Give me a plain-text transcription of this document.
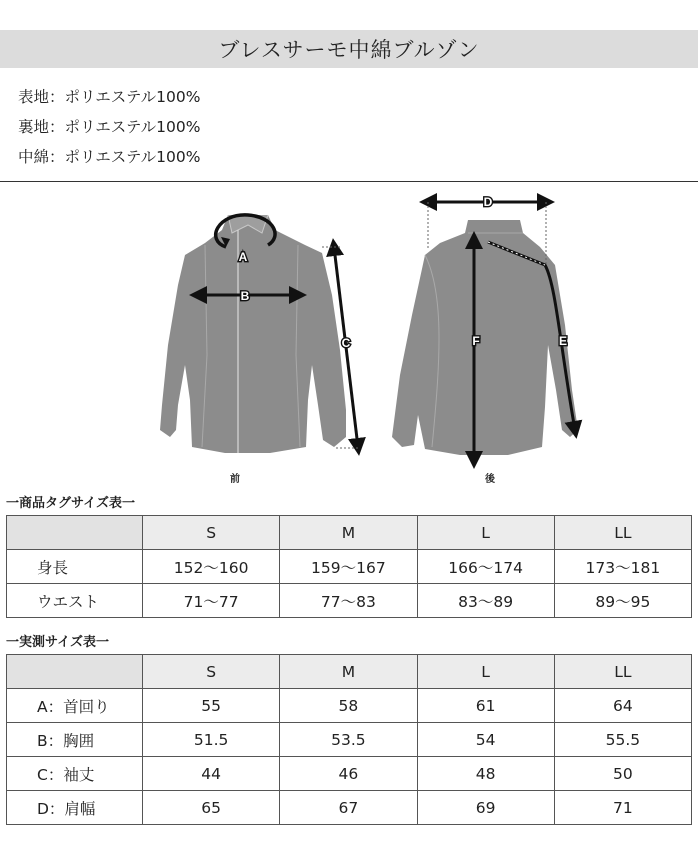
ブレスサーモ中綿ブルゾン
表地：ポリエステル100%
裏地：ポリエステル100%
中綿：ポリエステル100%
A
B
C
前
D
F	E
後
一商品タグサイズ表一
	S	M	L	LL
身長	152〜160	159〜167	166〜174	173〜181
ウエスト	71〜77	77〜83	83〜89	89〜95
一実測サイズ表一
	S	M	L	LL
A：首回り	55	58	61	64
B：胸囲	51.5	53.5	54	55.5
C：袖丈	44	46	48	50
D：肩幅	65	67	69	71
